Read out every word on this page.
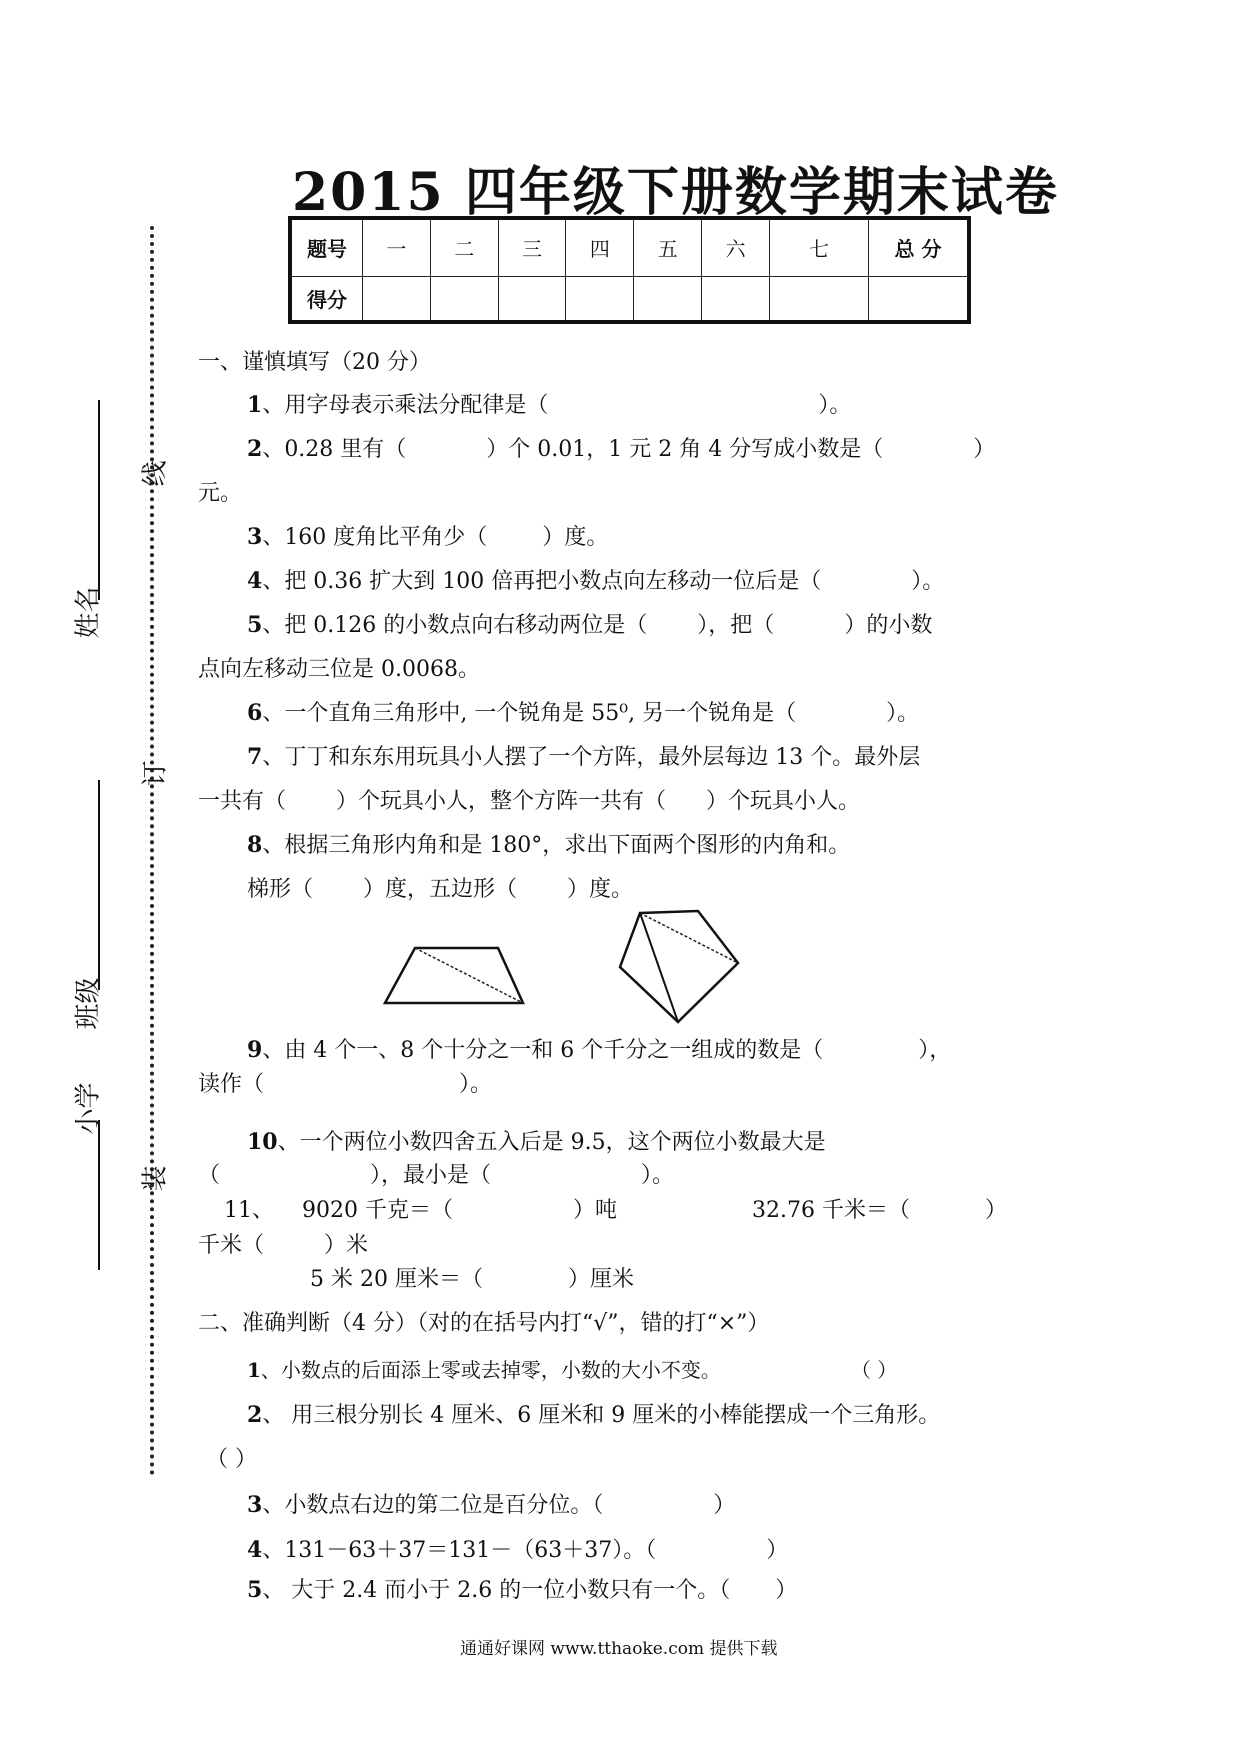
姓名
班级
小学
线
订
装
2015 四年级下册数学期末试卷
题号	一	二	三	四	五	六	七	总 分
得分								
一、谨慎填写（20 分）
1、用字母表示乘法分配律是（	）。
2、0.28 里有（	）个 0.01，1 元 2 角 4 分写成小数是（	）
元。
3、160 度角比平角少（	）度。
4、把 0.36 扩大到 100 倍再把小数点向左移动一位后是（	）。
5、把 0.126 的小数点向右移动两位是（ ），把（	）的小数
点向左移动三位是 0.0068。
6、一个直角三角形中, 一个锐角是 55⁰, 另一个锐角是（	）。
7、丁丁和东东用玩具小人摆了一个方阵，最外层每边 13 个。最外层
一共有（ ）个玩具小人，整个方阵一共有（ ）个玩具小人。
8、根据三角形内角和是 180°，求出下面两个图形的内角和。
梯形（ ）度，五边形（ ）度。
9、由 4 个一、8 个十分之一和 6 个千分之一组成的数是（	），
读作（	）。
10、一个两位小数四舍五入后是 9.5，这个两位小数最大是
（	），最小是（	）。
11、 9020 千克＝（	）吨	32.76 千米＝（	）
千米（	）米
5 米 20 厘米＝（	）厘米
二、准确判断（4 分）（对的在括号内打“√”，错的打“×”）
1、小数点的后面添上零或去掉零，小数的大小不变。	（ ）
2、 用三根分别长 4 厘米、6 厘米和 9 厘米的小棒能摆成一个三角形。
（ ）
3、小数点右边的第二位是百分位。（	）
4、131－63＋37＝131－（63＋37）。（	）
5、 大于 2.4 而小于 2.6 的一位小数只有一个。（ ）
通通好课网 www.tthaoke.com 提供下载
